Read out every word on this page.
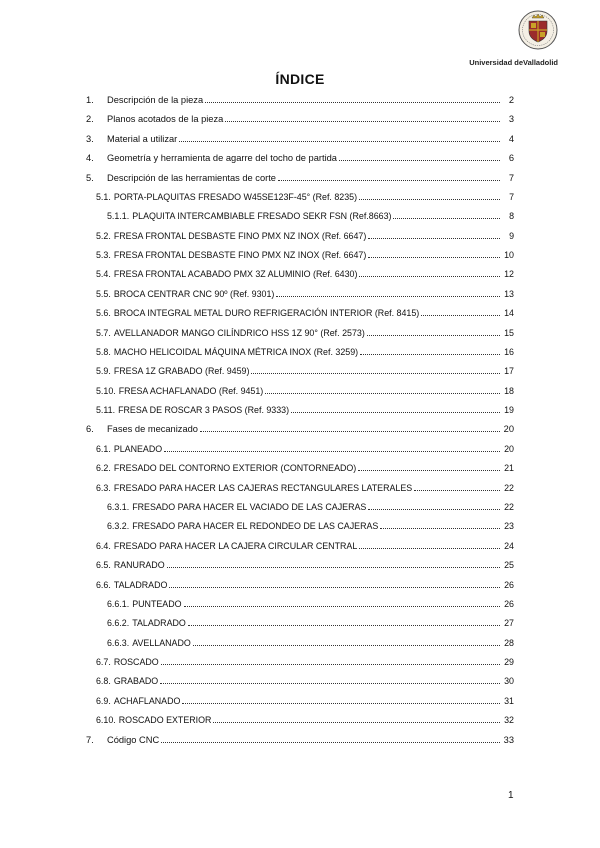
Universidad deValladolid
ÍNDICE
1.	Descripción de la pieza	2
2.	Planos acotados de la pieza	3
3.	Material a utilizar	4
4.	Geometría y herramienta de agarre del tocho de partida	6
5.	Descripción de las herramientas de corte	7
5.1. PORTA-PLAQUITAS FRESADO W45SE123F-45° (Ref. 8235)	7
5.1.1. PLAQUITA INTERCAMBIABLE FRESADO SEKR FSN (Ref.8663)	8
5.2. FRESA FRONTAL DESBASTE FINO PMX NZ INOX (Ref. 6647)	9
5.3. FRESA FRONTAL DESBASTE FINO PMX NZ INOX (Ref. 6647)	10
5.4. FRESA FRONTAL ACABADO PMX 3Z ALUMINIO (Ref. 6430)	12
5.5. BROCA CENTRAR CNC 90º (Ref. 9301)	13
5.6. BROCA INTEGRAL METAL DURO REFRIGERACIÓN INTERIOR (Ref. 8415)	14
5.7. AVELLANADOR MANGO CILÍNDRICO HSS 1Z 90° (Ref. 2573)	15
5.8. MACHO HELICOIDAL MÁQUINA MÉTRICA INOX (Ref. 3259)	16
5.9. FRESA 1Z GRABADO (Ref. 9459)	17
5.10. FRESA ACHAFLANADO (Ref. 9451)	18
5.11. FRESA DE ROSCAR 3 PASOS (Ref. 9333)	19
6.	Fases de mecanizado	20
6.1. PLANEADO	20
6.2. FRESADO DEL CONTORNO EXTERIOR (CONTORNEADO)	21
6.3. FRESADO PARA HACER LAS CAJERAS RECTANGULARES LATERALES	22
6.3.1. FRESADO PARA HACER EL VACIADO DE LAS CAJERAS	22
6.3.2. FRESADO PARA HACER EL REDONDEO DE LAS CAJERAS	23
6.4. FRESADO PARA HACER LA CAJERA CIRCULAR CENTRAL	24
6.5. RANURADO	25
6.6. TALADRADO	26
6.6.1. PUNTEADO	26
6.6.2. TALADRADO	27
6.6.3. AVELLANADO	28
6.7. ROSCADO	29
6.8. GRABADO	30
6.9. ACHAFLANADO	31
6.10. ROSCADO EXTERIOR	32
7.	Código CNC	33
1
